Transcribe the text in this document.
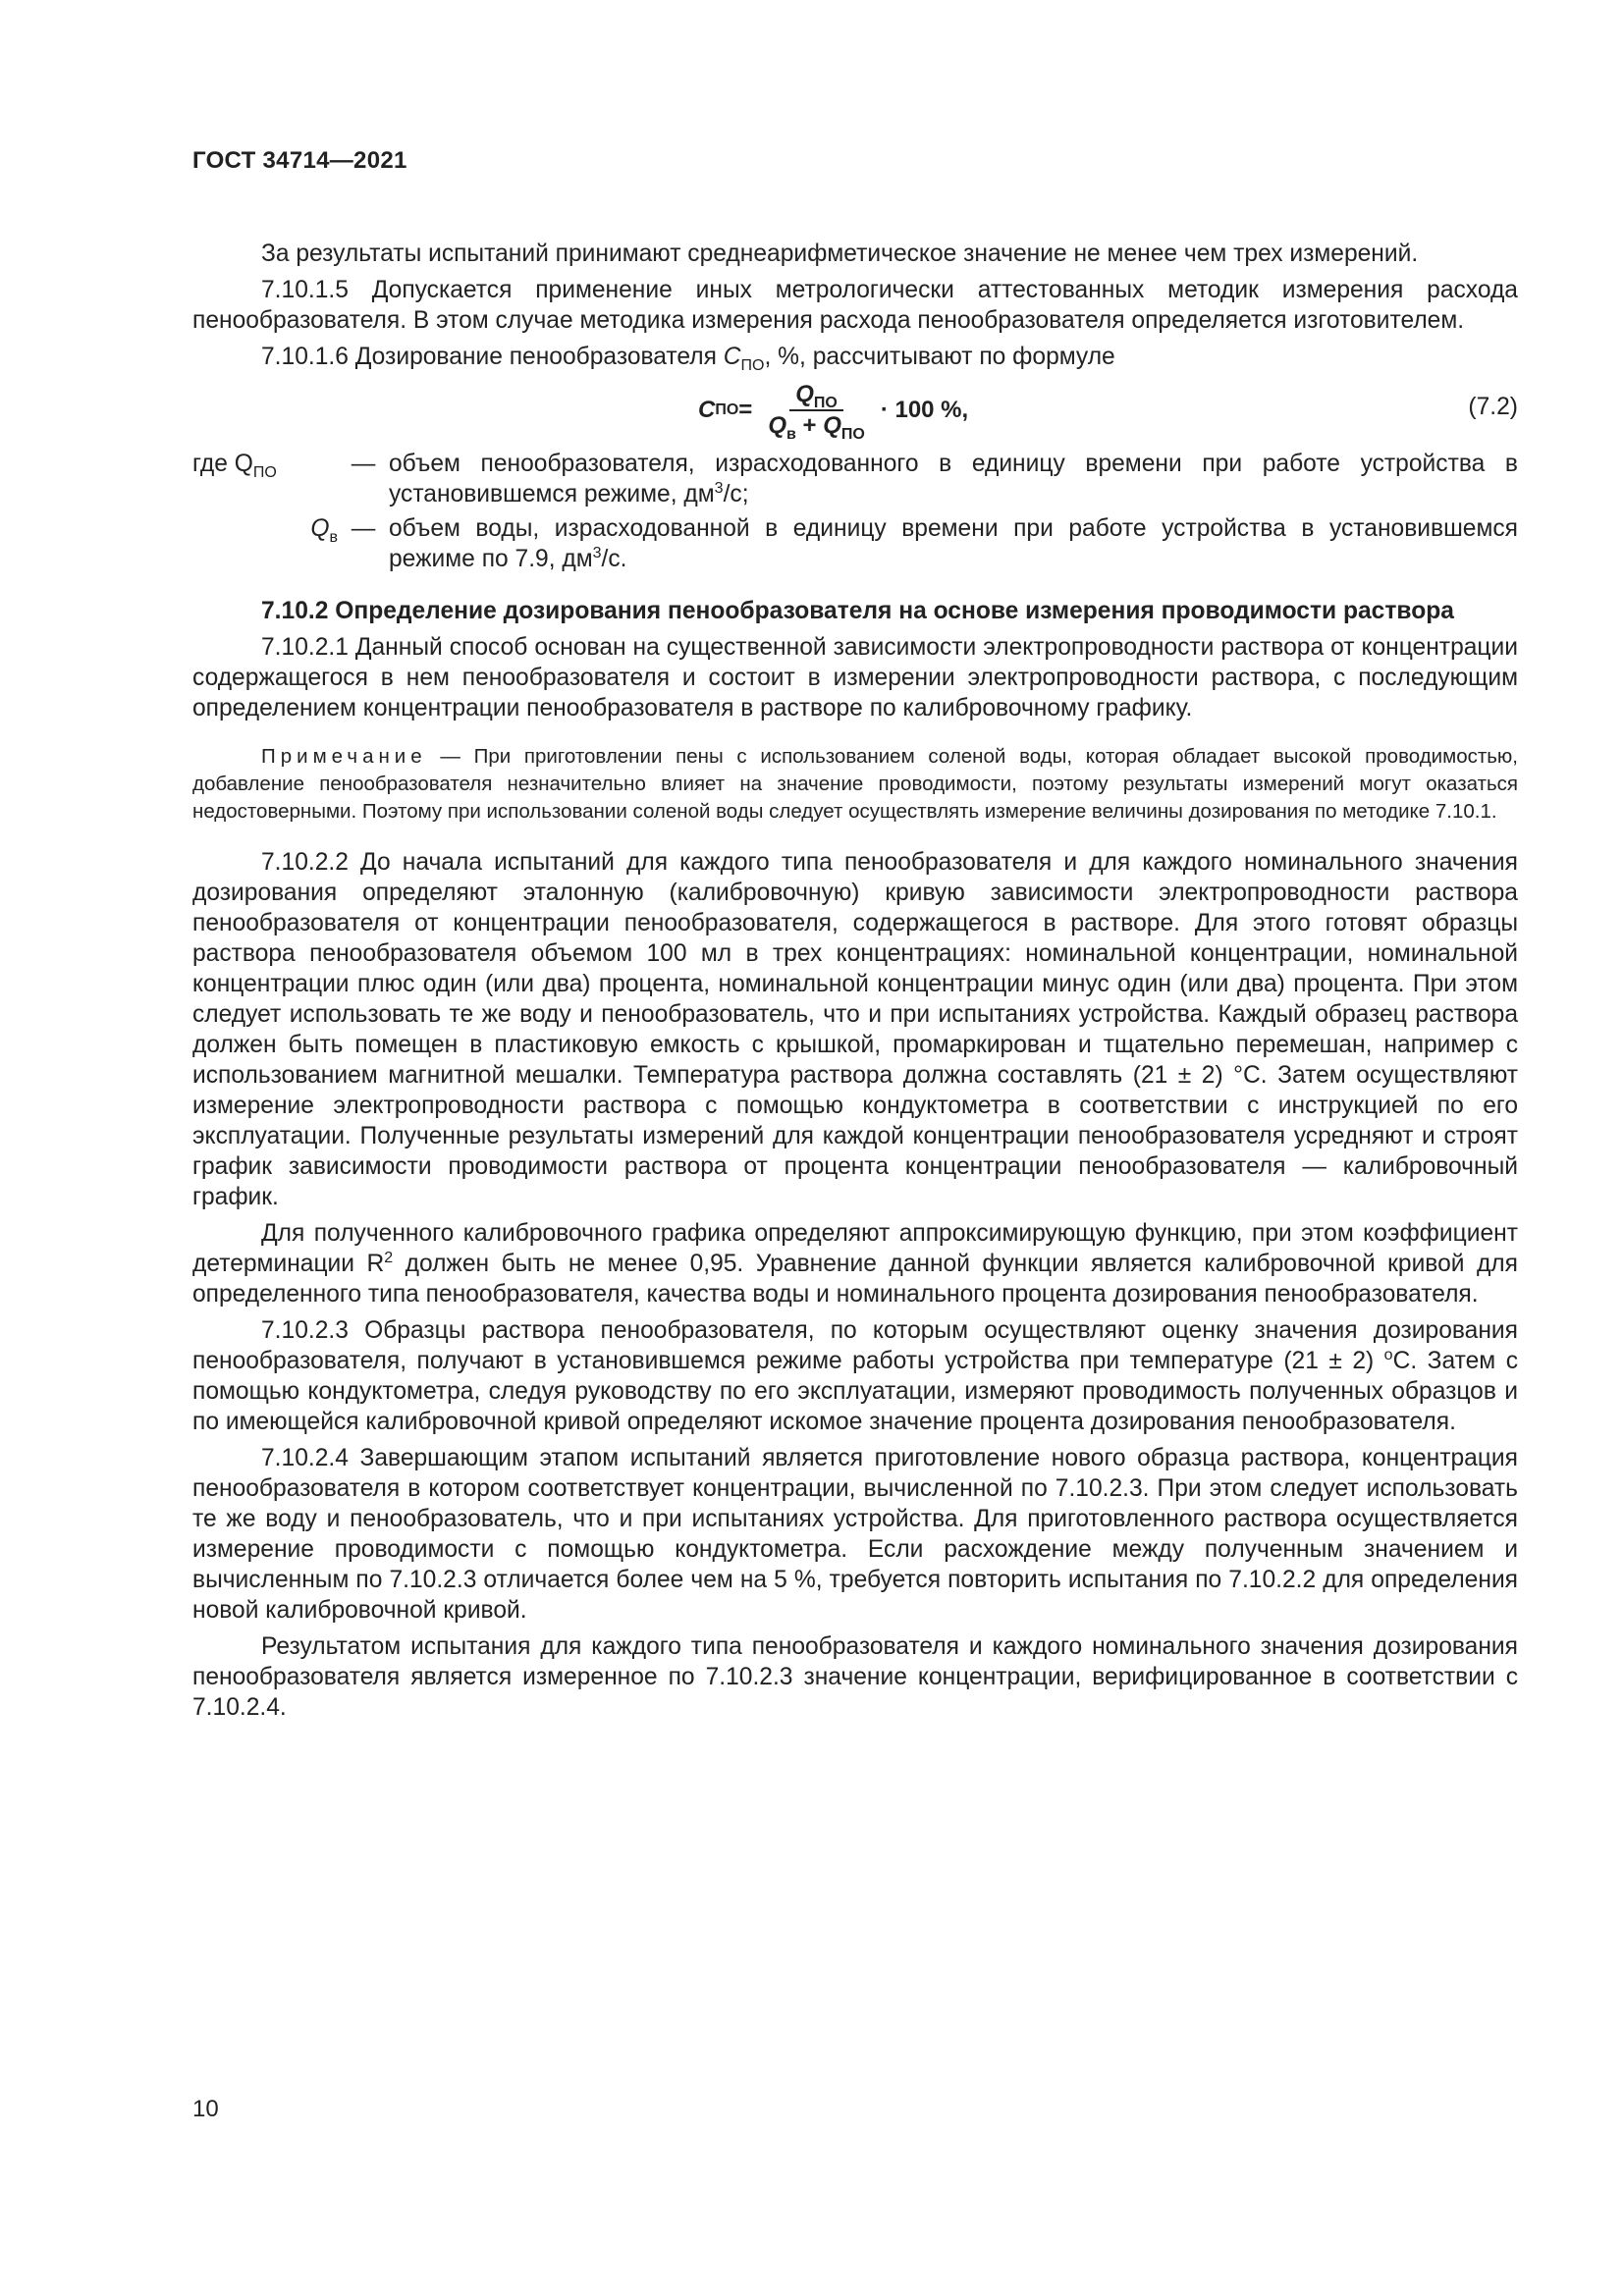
ГОСТ 34714—2021

За результаты испытаний принимают среднеарифметическое значение не менее чем трех измерений.

7.10.1.5 Допускается применение иных метрологически аттестованных методик измерения расхода пенообразователя. В этом случае методика измерения расхода пенообразователя определяется изготовителем.

7.10.1.6 Дозирование пенообразователя $С_{ПО}$, %, рассчитывают по формуле

С ПО = $\frac{Q_{ПО}}{Q_в + Q_{ПО}} \cdot 100$ %,	(7.2)
где $Q_{ПО}$	— объем пенообразователя, израсходованного в единицу времени при работе устройства в установившемся режиме, $дм^3/с$;
$Q_в$ — объем воды, израсходованной в единицу времени при работе устройства в установившемся режиме по 7.9, $дм^3/с$.

7.10.2 Определение дозирования пенообразователя на основе измерения проводимости раствора

7.10.2.1 Данный способ основан на существенной зависимости электропроводности раствора от концентрации содержащегося в нем пенообразователя и состоит в измерении электропроводности раствора, с последующим определением концентрации пенообразователя в растворе по калибровочному графику.

Примечание — При приготовлении пены с использованием соленой воды, которая обладает высокой проводимостью, добавление пенообразователя незначительно влияет на значение проводимости, поэтому результаты измерений могут оказаться недостоверными. Поэтому при использовании соленой воды следует осуществлять измерение величины дозирования по методике 7.10.1.

7.10.2.2 До начала испытаний для каждого типа пенообразователя и для каждого номинального значения дозирования определяют эталонную (калибровочную) кривую зависимости электропроводности раствора пенообразователя от концентрации пенообразователя, содержащегося в растворе. Для этого готовят образцы раствора пенообразователя объемом 100 мл в трех концентрациях: номинальной концентрации, номинальной концентрации плюс один (или два) процента, номинальной концентрации минус один (или два) процента. При этом следует использовать те же воду и пенообразователь, что и при испытаниях устройства. Каждый образец раствора должен быть помещен в пластиковую емкость с крышкой, промаркирован и тщательно перемешан, например с использованием магнитной мешалки. Температура раствора должна составлять (21 ± 2) °С. Затем осуществляют измерение электропроводности раствора с помощью кондуктометра в соответствии с инструкцией по его эксплуатации. Полученные результаты измерений для каждой концентрации пенообразователя усредняют и строят график зависимости проводимости раствора от процента концентрации пенообразователя — калибровочный график.

Для полученного калибровочного графика определяют аппроксимирующую функцию, при этом коэффициент детерминации $R^2$ должен быть не менее 0,95. Уравнение данной функции является калибровочной кривой для определенного типа пенообразователя, качества воды и номинального процента дозирования пенообразователя.

7.10.2.3 Образцы раствора пенообразователя, по которым осуществляют оценку значения дозирования пенообразователя, получают в установившемся режиме работы устройства при температуре (21 ± 2) $^о$С. Затем с помощью кондуктометра, следуя руководству по его эксплуатации, измеряют проводимость полученных образцов и по имеющейся калибровочной кривой определяют искомое значение процента дозирования пенообразователя.

7.10.2.4 Завершающим этапом испытаний является приготовление нового образца раствора, концентрация пенообразователя в котором соответствует концентрации, вычисленной по 7.10.2.3. При этом следует использовать те же воду и пенообразователь, что и при испытаниях устройства. Для приготовленного раствора осуществляется измерение проводимости с помощью кондуктометра. Если расхождение между полученным значением и вычисленным по 7.10.2.3 отличается более чем на 5 %, требуется повторить испытания по 7.10.2.2 для определения новой калибровочной кривой.

Результатом испытания для каждого типа пенообразователя и каждого номинального значения дозирования пенообразователя является измеренное по 7.10.2.3 значение концентрации, верифицированное в соответствии с 7.10.2.4.

10
